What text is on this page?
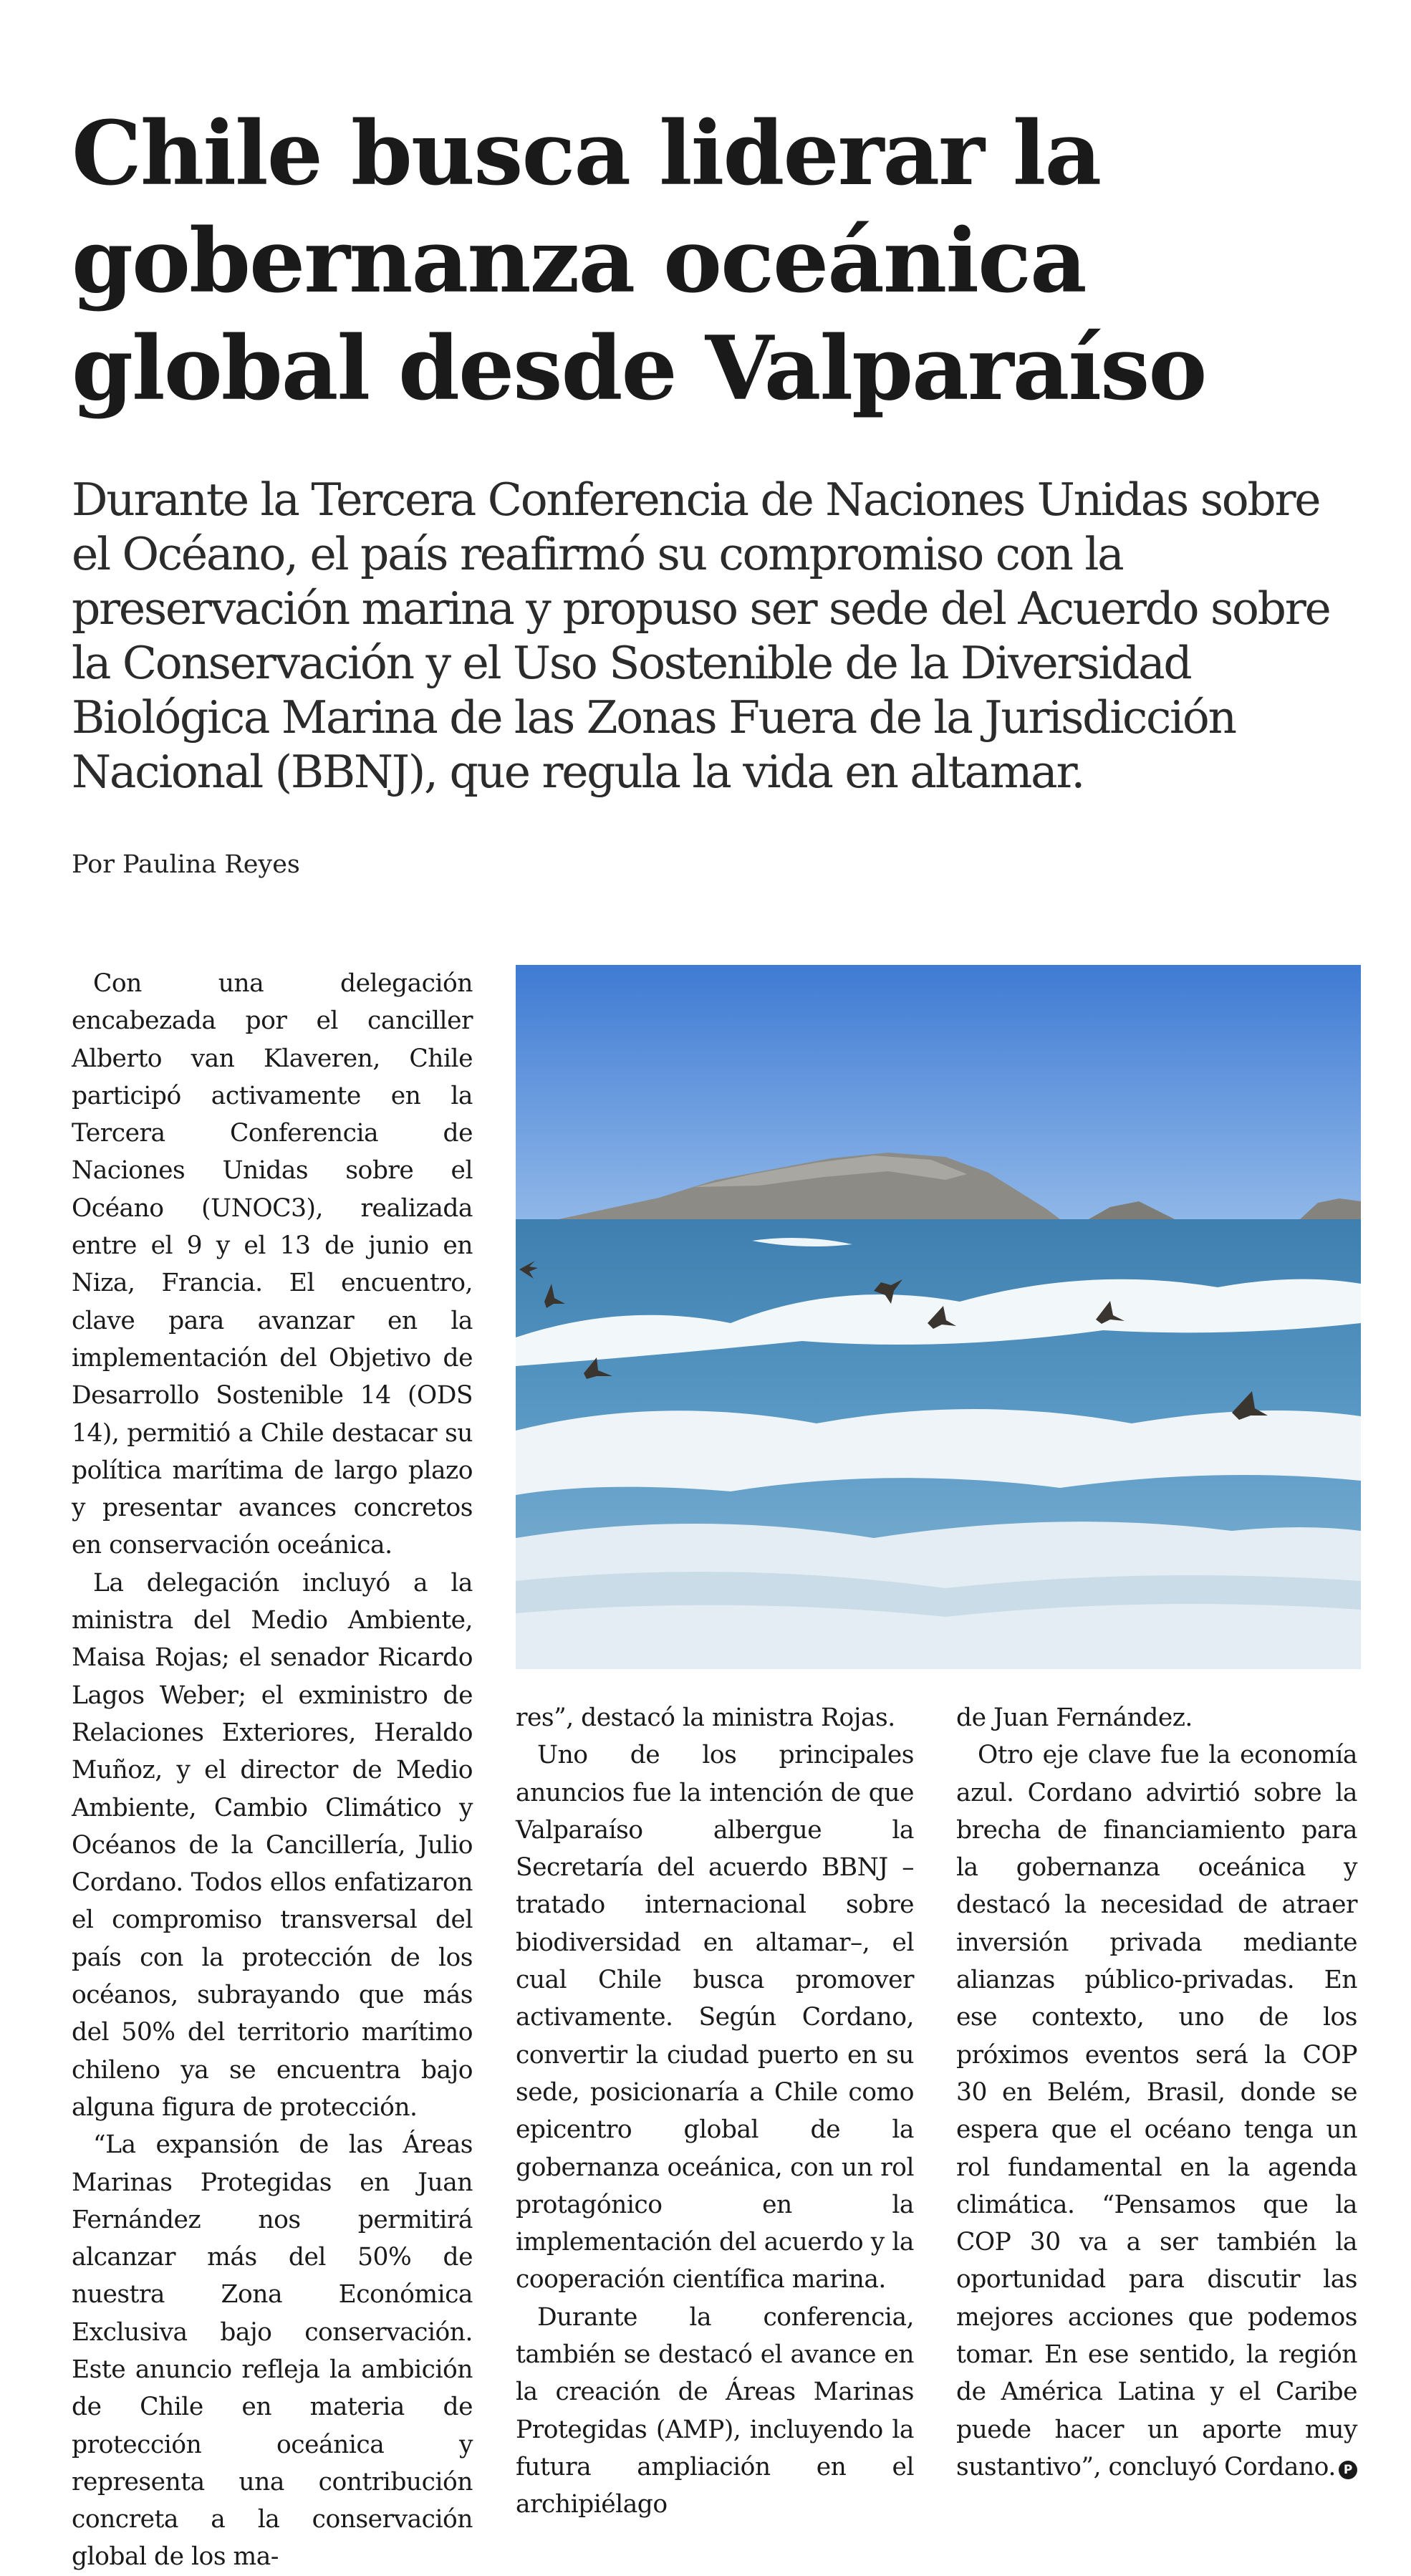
Chile busca liderar la gobernanza oceánica global desde Valparaíso

Durante la Tercera Conferencia de Naciones Unidas sobre el Océano, el país reafirmó su compromiso con la preservación marina y propuso ser sede del Acuerdo sobre la Conservación y el Uso Sostenible de la Diversidad Biológica Marina de las Zonas Fuera de la Jurisdicción Nacional (BBNJ), que regula la vida en altamar.

Por Paulina Reyes

Con una delegación encabezada por el canciller Alberto van Klaveren, Chile participó activamente en la Tercera Conferencia de Naciones Unidas sobre el Océano (UNOC3), realizada entre el 9 y el 13 de junio en Niza, Francia. El encuentro, clave para avanzar en la implementación del Objetivo de Desarrollo Sostenible 14 (ODS 14), permitió a Chile destacar su política marítima de largo plazo y presentar avances concretos en conservación oceánica.

La delegación incluyó a la ministra del Medio Ambiente, Maisa Rojas; el senador Ricardo Lagos Weber; el exministro de Relaciones Exteriores, Heraldo Muñoz, y el director de Medio Ambiente, Cambio Climático y Océanos de la Cancillería, Julio Cordano. Todos ellos enfatizaron el compromiso transversal del país con la protección de los océanos, subrayando que más del 50% del territorio marítimo chileno ya se encuentra bajo alguna figura de protección.

“La expansión de las Áreas Marinas Protegidas en Juan Fernández nos permitirá alcanzar más del 50% de nuestra Zona Económica Exclusiva bajo conservación. Este anuncio refleja la ambición de Chile en materia de protección oceánica y representa una contribución concreta a la conservación global de los ma-

res”, destacó la ministra Rojas.

Uno de los principales anuncios fue la intención de que Valparaíso albergue la Secretaría del acuerdo BBNJ –tratado internacional sobre biodiversidad en altamar–, el cual Chile busca promover activamente. Según Cordano, convertir la ciudad puerto en su sede, posicionaría a Chile como epicentro global de la gobernanza oceánica, con un rol protagónico en la implementación del acuerdo y la cooperación científica marina.

Durante la conferencia, también se destacó el avance en la creación de Áreas Marinas Protegidas (AMP), incluyendo la futura ampliación en el archipiélago

de Juan Fernández.

Otro eje clave fue la economía azul. Cordano advirtió sobre la brecha de financiamiento para la gobernanza oceánica y destacó la necesidad de atraer inversión privada mediante alianzas público-privadas. En ese contexto, uno de los próximos eventos será la COP 30 en Belém, Brasil, donde se espera que el océano tenga un rol fundamental en la agenda climática. “Pensamos que la COP 30 va a ser también la oportunidad para discutir las mejores acciones que podemos tomar. En ese sentido, la región de América Latina y el Caribe puede hacer un aporte muy sustantivo”, concluyó Cordano. P
